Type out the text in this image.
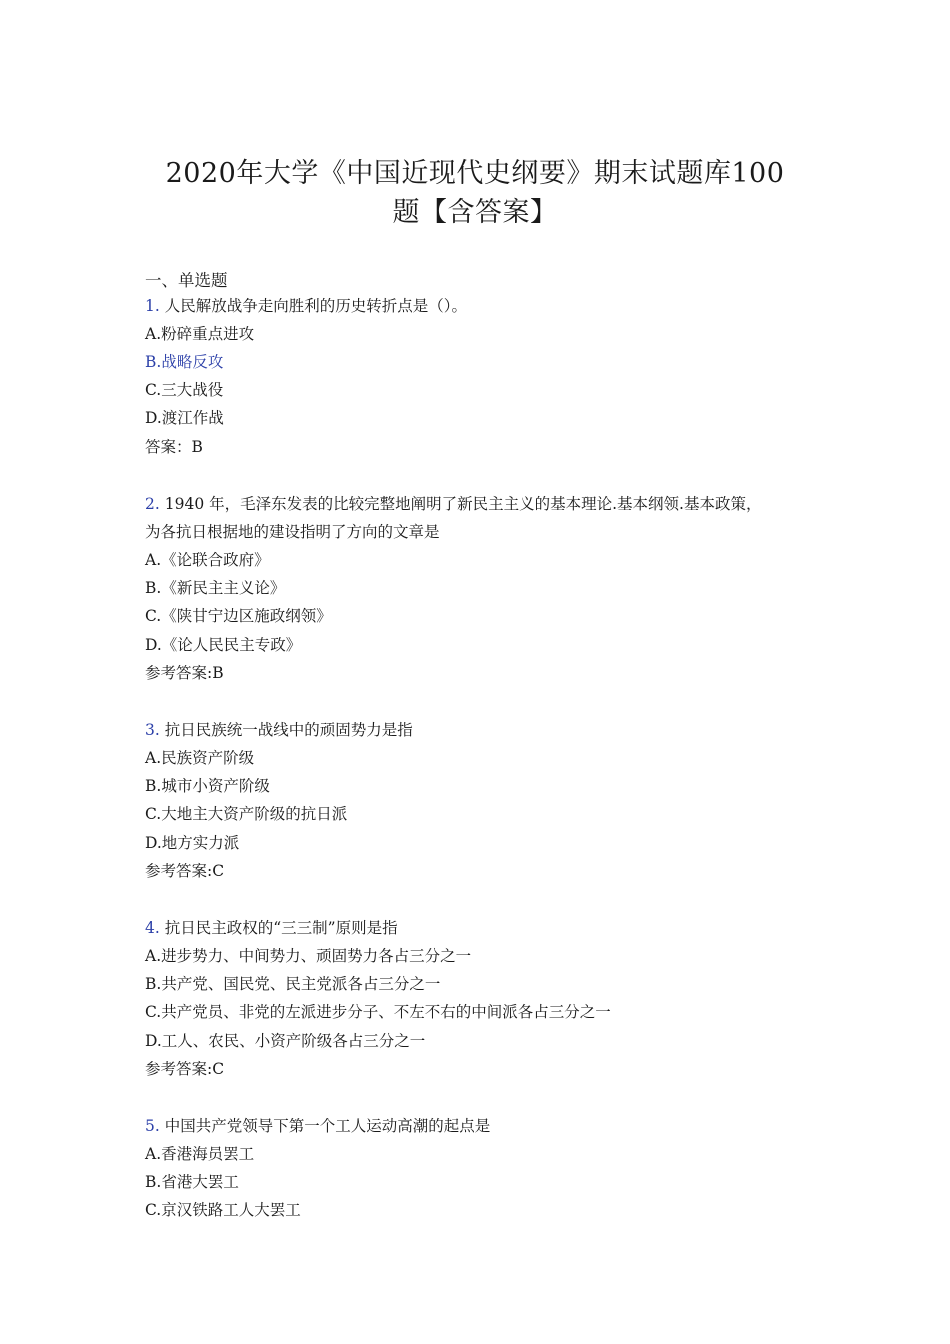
2020年大学《中国近现代史纲要》期末试题库100
题【含答案】
一、单选题
1. 人民解放战争走向胜利的历史转折点是（）。
A.粉碎重点进攻
B.战略反攻
C.三大战役
D.渡江作战
答案：B
2. 1940 年，毛泽东发表的比较完整地阐明了新民主主义的基本理论.基本纲领.基本政策，
为各抗日根据地的建设指明了方向的文章是
A.《论联合政府》
B.《新民主主义论》
C.《陕甘宁边区施政纲领》
D.《论人民民主专政》
参考答案:B
3. 抗日民族统一战线中的顽固势力是指
A.民族资产阶级
B.城市小资产阶级
C.大地主大资产阶级的抗日派
D.地方实力派
参考答案:C
4. 抗日民主政权的“三三制”原则是指
A.进步势力、中间势力、顽固势力各占三分之一
B.共产党、国民党、民主党派各占三分之一
C.共产党员、非党的左派进步分子、不左不右的中间派各占三分之一
D.工人、农民、小资产阶级各占三分之一
参考答案:C
5. 中国共产党领导下第一个工人运动高潮的起点是
A.香港海员罢工
B.省港大罢工
C.京汉铁路工人大罢工
